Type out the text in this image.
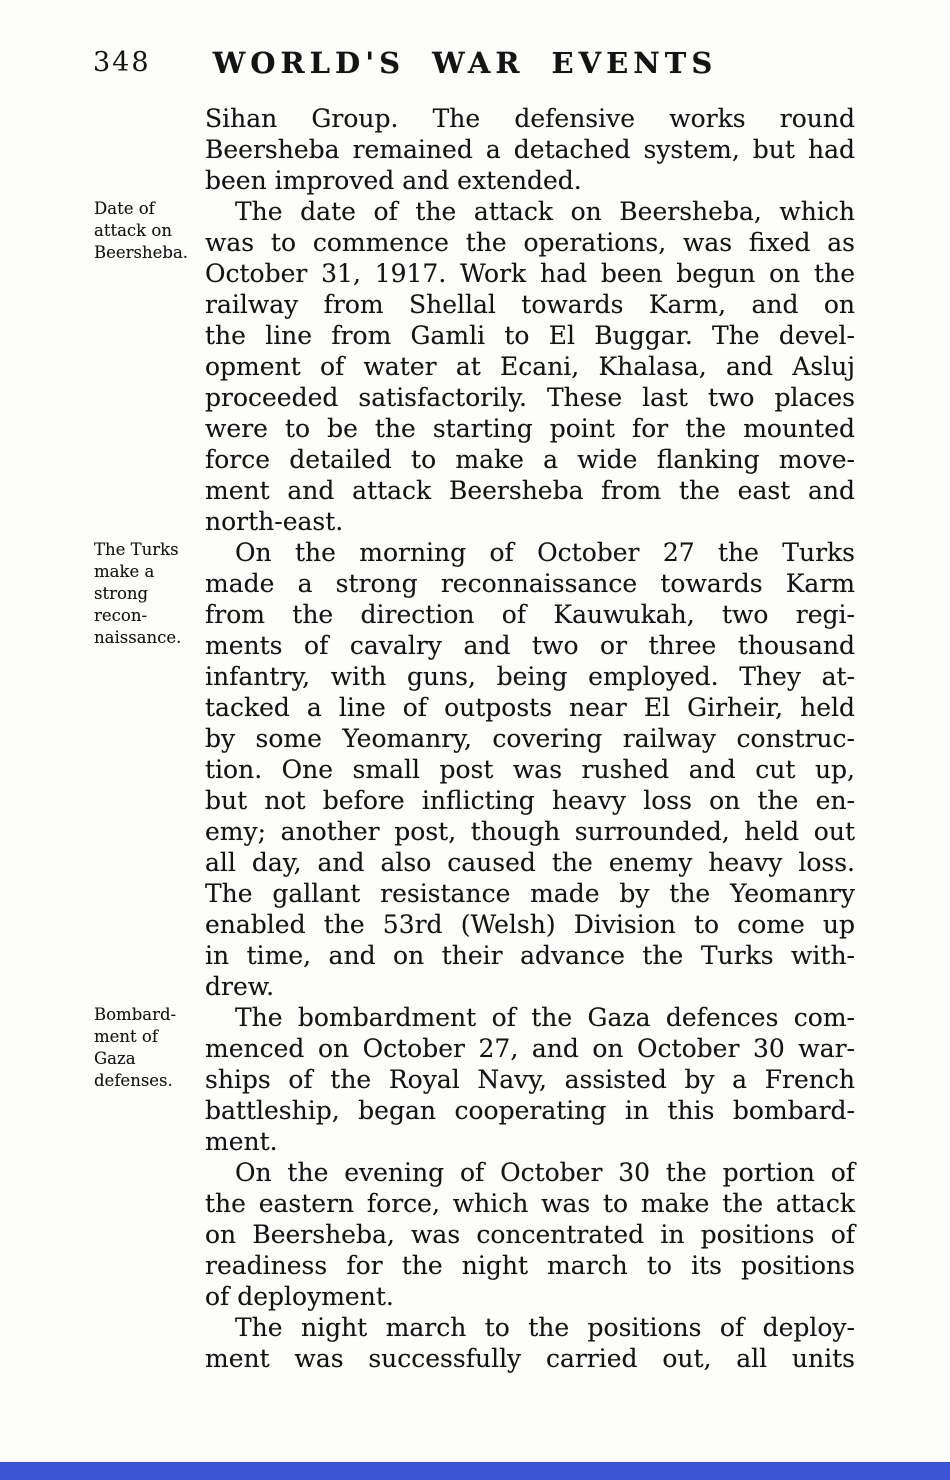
348	WORLD'S WAR EVENTS
Sihan Group. The defensive works round
Beersheba remained a detached system, but had
been improved and extended.
The date of the attack on Beersheba, which
was to commence the operations, was fixed as
October 31, 1917. Work had been begun on the
railway from Shellal towards Karm, and on
the line from Gamli to El Buggar. The devel-
opment of water at Ecani, Khalasa, and Asluj
proceeded satisfactorily. These last two places
were to be the starting point for the mounted
force detailed to make a wide flanking move-
ment and attack Beersheba from the east and
north-east.
On the morning of October 27 the Turks
made a strong reconnaissance towards Karm
from the direction of Kauwukah, two regi-
ments of cavalry and two or three thousand
infantry, with guns, being employed. They at-
tacked a line of outposts near El Girheir, held
by some Yeomanry, covering railway construc-
tion. One small post was rushed and cut up,
but not before inflicting heavy loss on the en-
emy; another post, though surrounded, held out
all day, and also caused the enemy heavy loss.
The gallant resistance made by the Yeomanry
enabled the 53rd (Welsh) Division to come up
in time, and on their advance the Turks with-
drew.
The bombardment of the Gaza defences com-
menced on October 27, and on October 30 war-
ships of the Royal Navy, assisted by a French
battleship, began cooperating in this bombard-
ment.
On the evening of October 30 the portion of
the eastern force, which was to make the attack
on Beersheba, was concentrated in positions of
readiness for the night march to its positions
of deployment.
The night march to the positions of deploy-
ment was successfully carried out, all units
Date of
attack on
Beersheba.
The Turks
make a
strong
recon-
naissance.
Bombard-
ment of
Gaza
defenses.
